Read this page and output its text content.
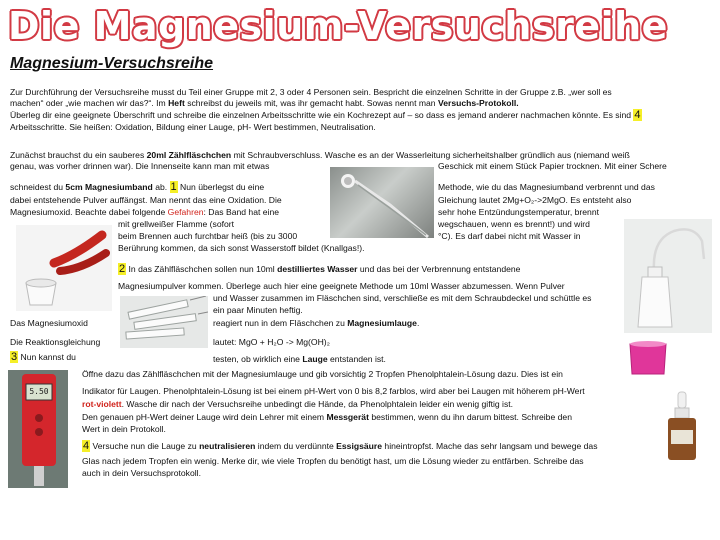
Die Magnesium-Versuchsreihe
Magnesium-Versuchsreihe
Zur Durchführung der Versuchsreihe musst du Teil einer Gruppe mit 2, 3 oder 4 Personen sein. Bespricht die einzelnen Schritte in der Gruppe z.B. „wer soll es
machen“ oder „wie machen wir das?“. Im Heft schreibst du jeweils mit, was ihr gemacht habt. Sowas nennt man Versuchs-Protokoll.
Überleg dir eine geeignete Überschrift und schreibe die einzelnen Arbeitsschritte wie ein Kochrezept auf – so dass es jemand anderer nachmachen könnte. Es sind 4
Arbeitsschritte. Sie heißen: Oxidation, Bildung einer Lauge, pH- Wert bestimmen, Neutralisation.
Zunächst brauchst du ein sauberes 20ml Zählfläschchen mit Schraubverschluss. Wasche es an der Wasserleitung sicherheitshalber gründlich aus (niemand weiß
genau, was vorher drinnen war). Die Innenseite kann man mit etwas	Geschick mit einem Stück Papier trocknen. Mit einer Schere
schneidest du 5cm Magnesiumband ab. 1 Nun überlegst du eine	Methode, wie du das Magnesiumband verbrennt und das
dabei entstehende Pulver auffängst. Man nennt das eine Oxidation. Die	Gleichung lautet 2Mg+O₂->2MgO. Es entsteht also
Magnesiumoxid. Beachte dabei folgende Gefahren: Das Band hat eine	sehr hohe Entzündungstemperatur, brennt
mit grellweißer Flamme (sofort	wegschauen, wenn es brennt!) und wird
beim Brennen auch furchtbar heiß (bis zu 3000	°C). Es darf dabei nicht mit Wasser in
Berührung kommen, da sich sonst Wasserstoff bildet (Knallgas!).
2 In das Zählfläschchen sollen nun 10ml destilliertes Wasser und das bei der Verbrennung entstandene
Magnesiumpulver kommen. Überlege auch hier eine geeignete Methode um 10ml Wasser abzumessen. Wenn Pulver
und Wasser zusammen im Fläschchen sind, verschließe es mit dem Schraubdeckel und schüttle es
ein paar Minuten heftig.
Das Magnesiumoxid	reagiert nun in dem Fläschchen zu Magnesiumlauge.
Die Reaktionsgleichung	lautet: MgO + H₂O -> Mg(OH)₂
3 Nun kannst du	testen, ob wirklich eine Lauge entstanden ist.
Öffne dazu das Zählfläschchen mit der Magnesiumlauge und gib vorsichtig 2 Tropfen Phenolphtalein-Lösung dazu. Dies ist ein
Indikator für Laugen. Phenolphtalein-Lösung ist bei einem pH-Wert von 0 bis 8,2 farblos, wird aber bei Laugen mit höherem pH-Wert
rot-violett. Wasche dir nach der Versuchsreihe unbedingt die Hände, da Phenolphtalein leider ein wenig giftig ist.
Den genauen pH-Wert deiner Lauge wird dein Lehrer mit einem Messgerät bestimmen, wenn du ihn darum bittest. Schreibe den
Wert in dein Protokoll.
4 Versuche nun die Lauge zu neutralisieren indem du verdünnte Essigsäure hineintropfst. Mache das sehr langsam und bewege das
Glas nach jedem Tropfen ein wenig. Merke dir, wie viele Tropfen du benötigt hast, um die Lösung wieder zu entfärben. Schreibe das
auch in dein Versuchsprotokoll.
5.50
